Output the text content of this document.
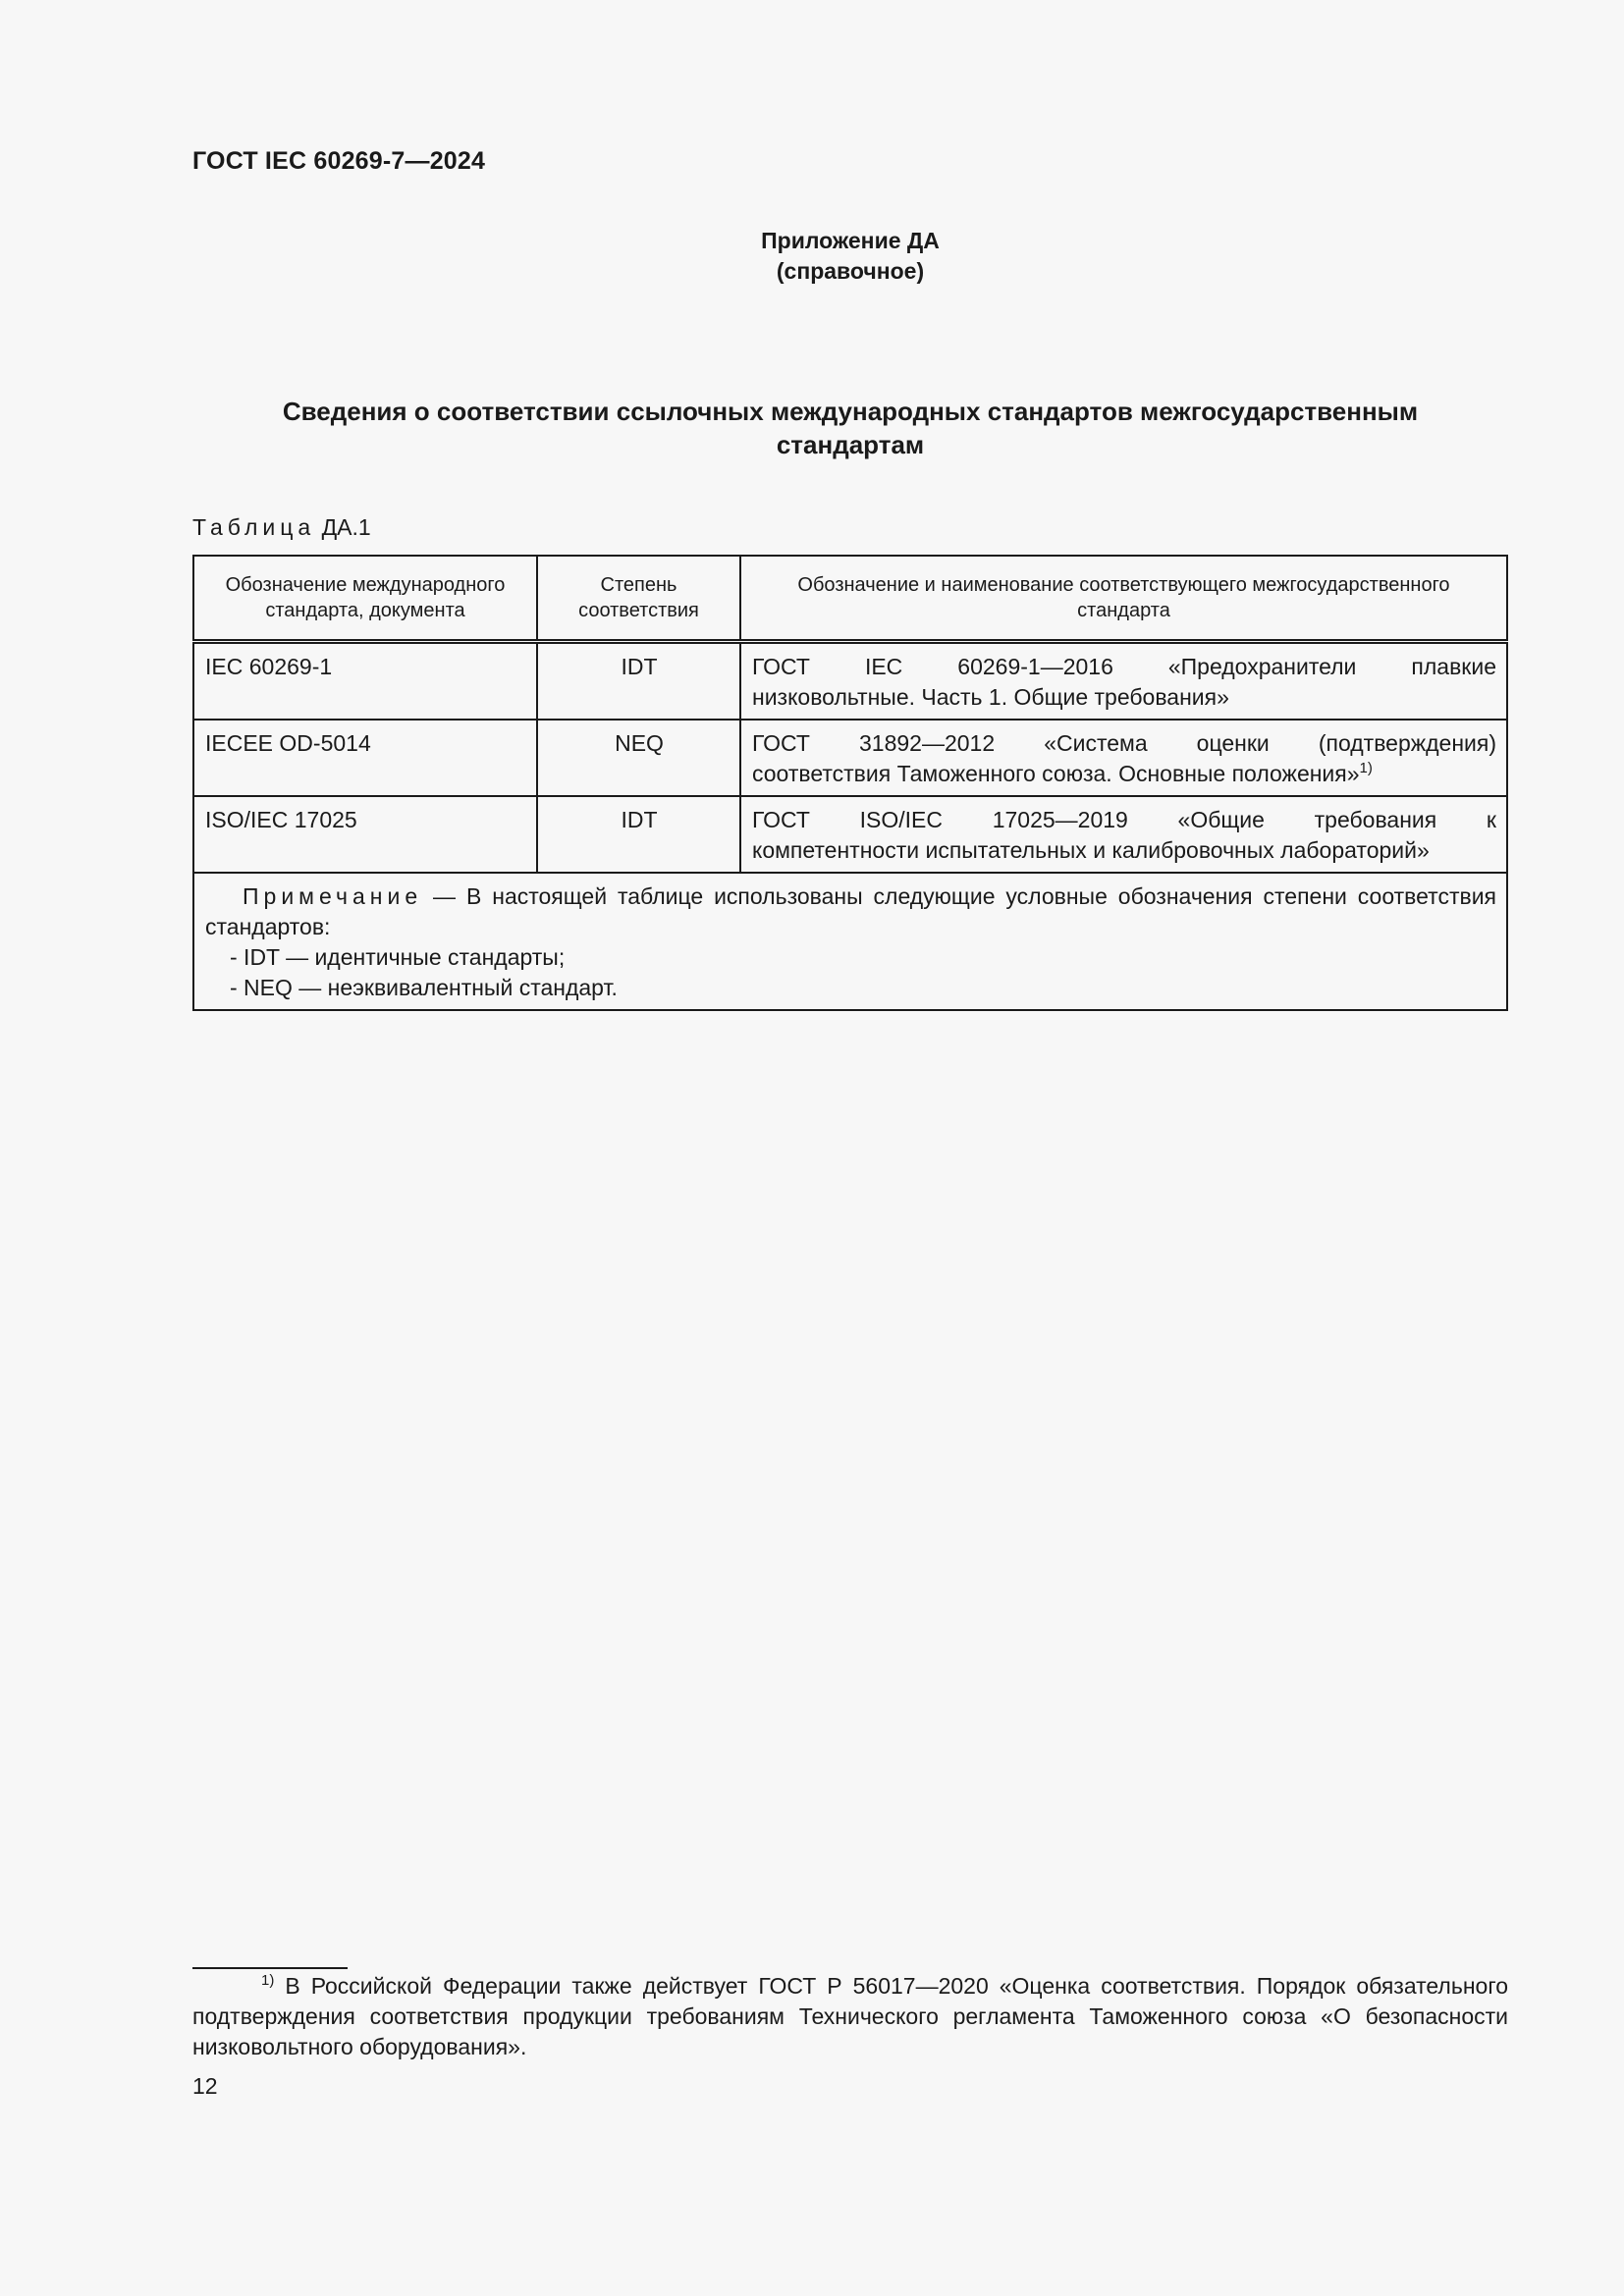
ГОСТ IEC 60269-7—2024
Приложение ДА
(справочное)
Сведения о соответствии ссылочных международных стандартов межгосударственным стандартам
Таблица ДА.1
Обозначение международного стандарта, документа	Степень соответствия	Обозначение и наименование соответствующего межгосударственного стандарта
IEC 60269-1	IDT	ГОСТ IEC 60269-1—2016 «Предохранители плавкие
низковольтные. Часть 1. Общие требования»
IECEE OD-5014	NEQ	ГОСТ 31892—2012 «Система оценки (подтверждения)
соответствия Таможенного союза. Основные положения»$^{1)}$
ISO/IEC 17025	IDT	ГОСТ ISO/IEC 17025—2019 «Общие требования к
компетентности испытательных и калибровочных лабораторий»

Примечание — В настоящей таблице использованы следующие условные обозначения степени соответствия стандартов:
- IDT — идентичные стандарты;
- NEQ — неэквивалентный стандарт.		
$^{1)}$ В Российской Федерации также действует ГОСТ Р 56017—2020 «Оценка соответствия. Порядок обязательного подтверждения соответствия продукции требованиям Технического регламента Таможенного союза «О безопасности низковольтного оборудования».
12
